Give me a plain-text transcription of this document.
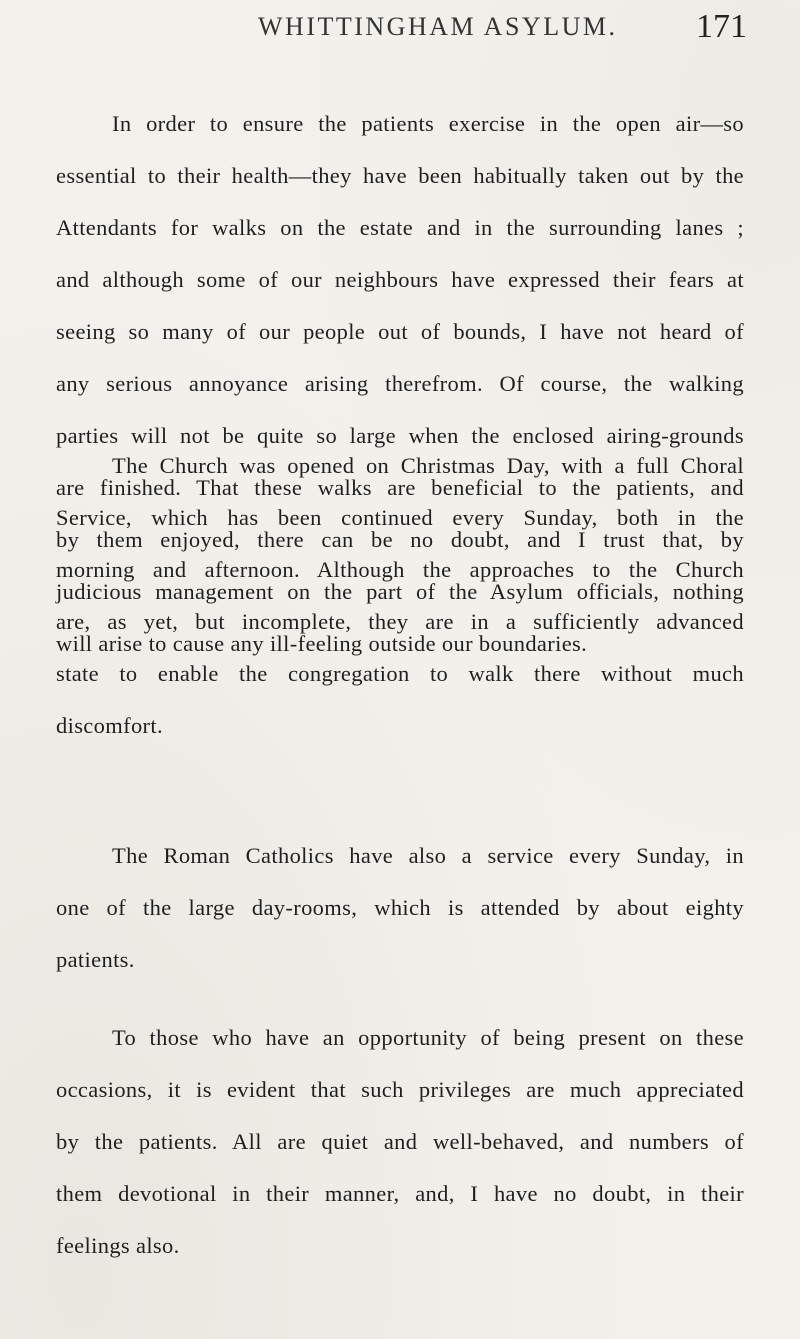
WHITTINGHAM ASYLUM. 171

In order to ensure the patients exercise in the open air—so
essential to their health—they have been habitually taken out by the
Attendants for walks on the estate and in the surrounding lanes ;
and although some of our neighbours have expressed their fears at
seeing so many of our people out of bounds, I have not heard of
any serious annoyance arising therefrom. Of course, the walking
parties will not be quite so large when the enclosed airing-grounds
are finished. That these walks are beneficial to the patients, and
by them enjoyed, there can be no doubt, and I trust that, by
judicious management on the part of the Asylum officials, nothing
will arise to cause any ill-feeling outside our boundaries.

The Church was opened on Christmas Day, with a full Choral
Service, which has been continued every Sunday, both in the
morning and afternoon. Although the approaches to the Church
are, as yet, but incomplete, they are in a sufficiently advanced
state to enable the congregation to walk there without much
discomfort.

The Roman Catholics have also a service every Sunday, in
one of the large day-rooms, which is attended by about eighty
patients.

To those who have an opportunity of being present on these
occasions, it is evident that such privileges are much appreciated
by the patients. All are quiet and well-behaved, and numbers of
them devotional in their manner, and, I have no doubt, in their
feelings also.
